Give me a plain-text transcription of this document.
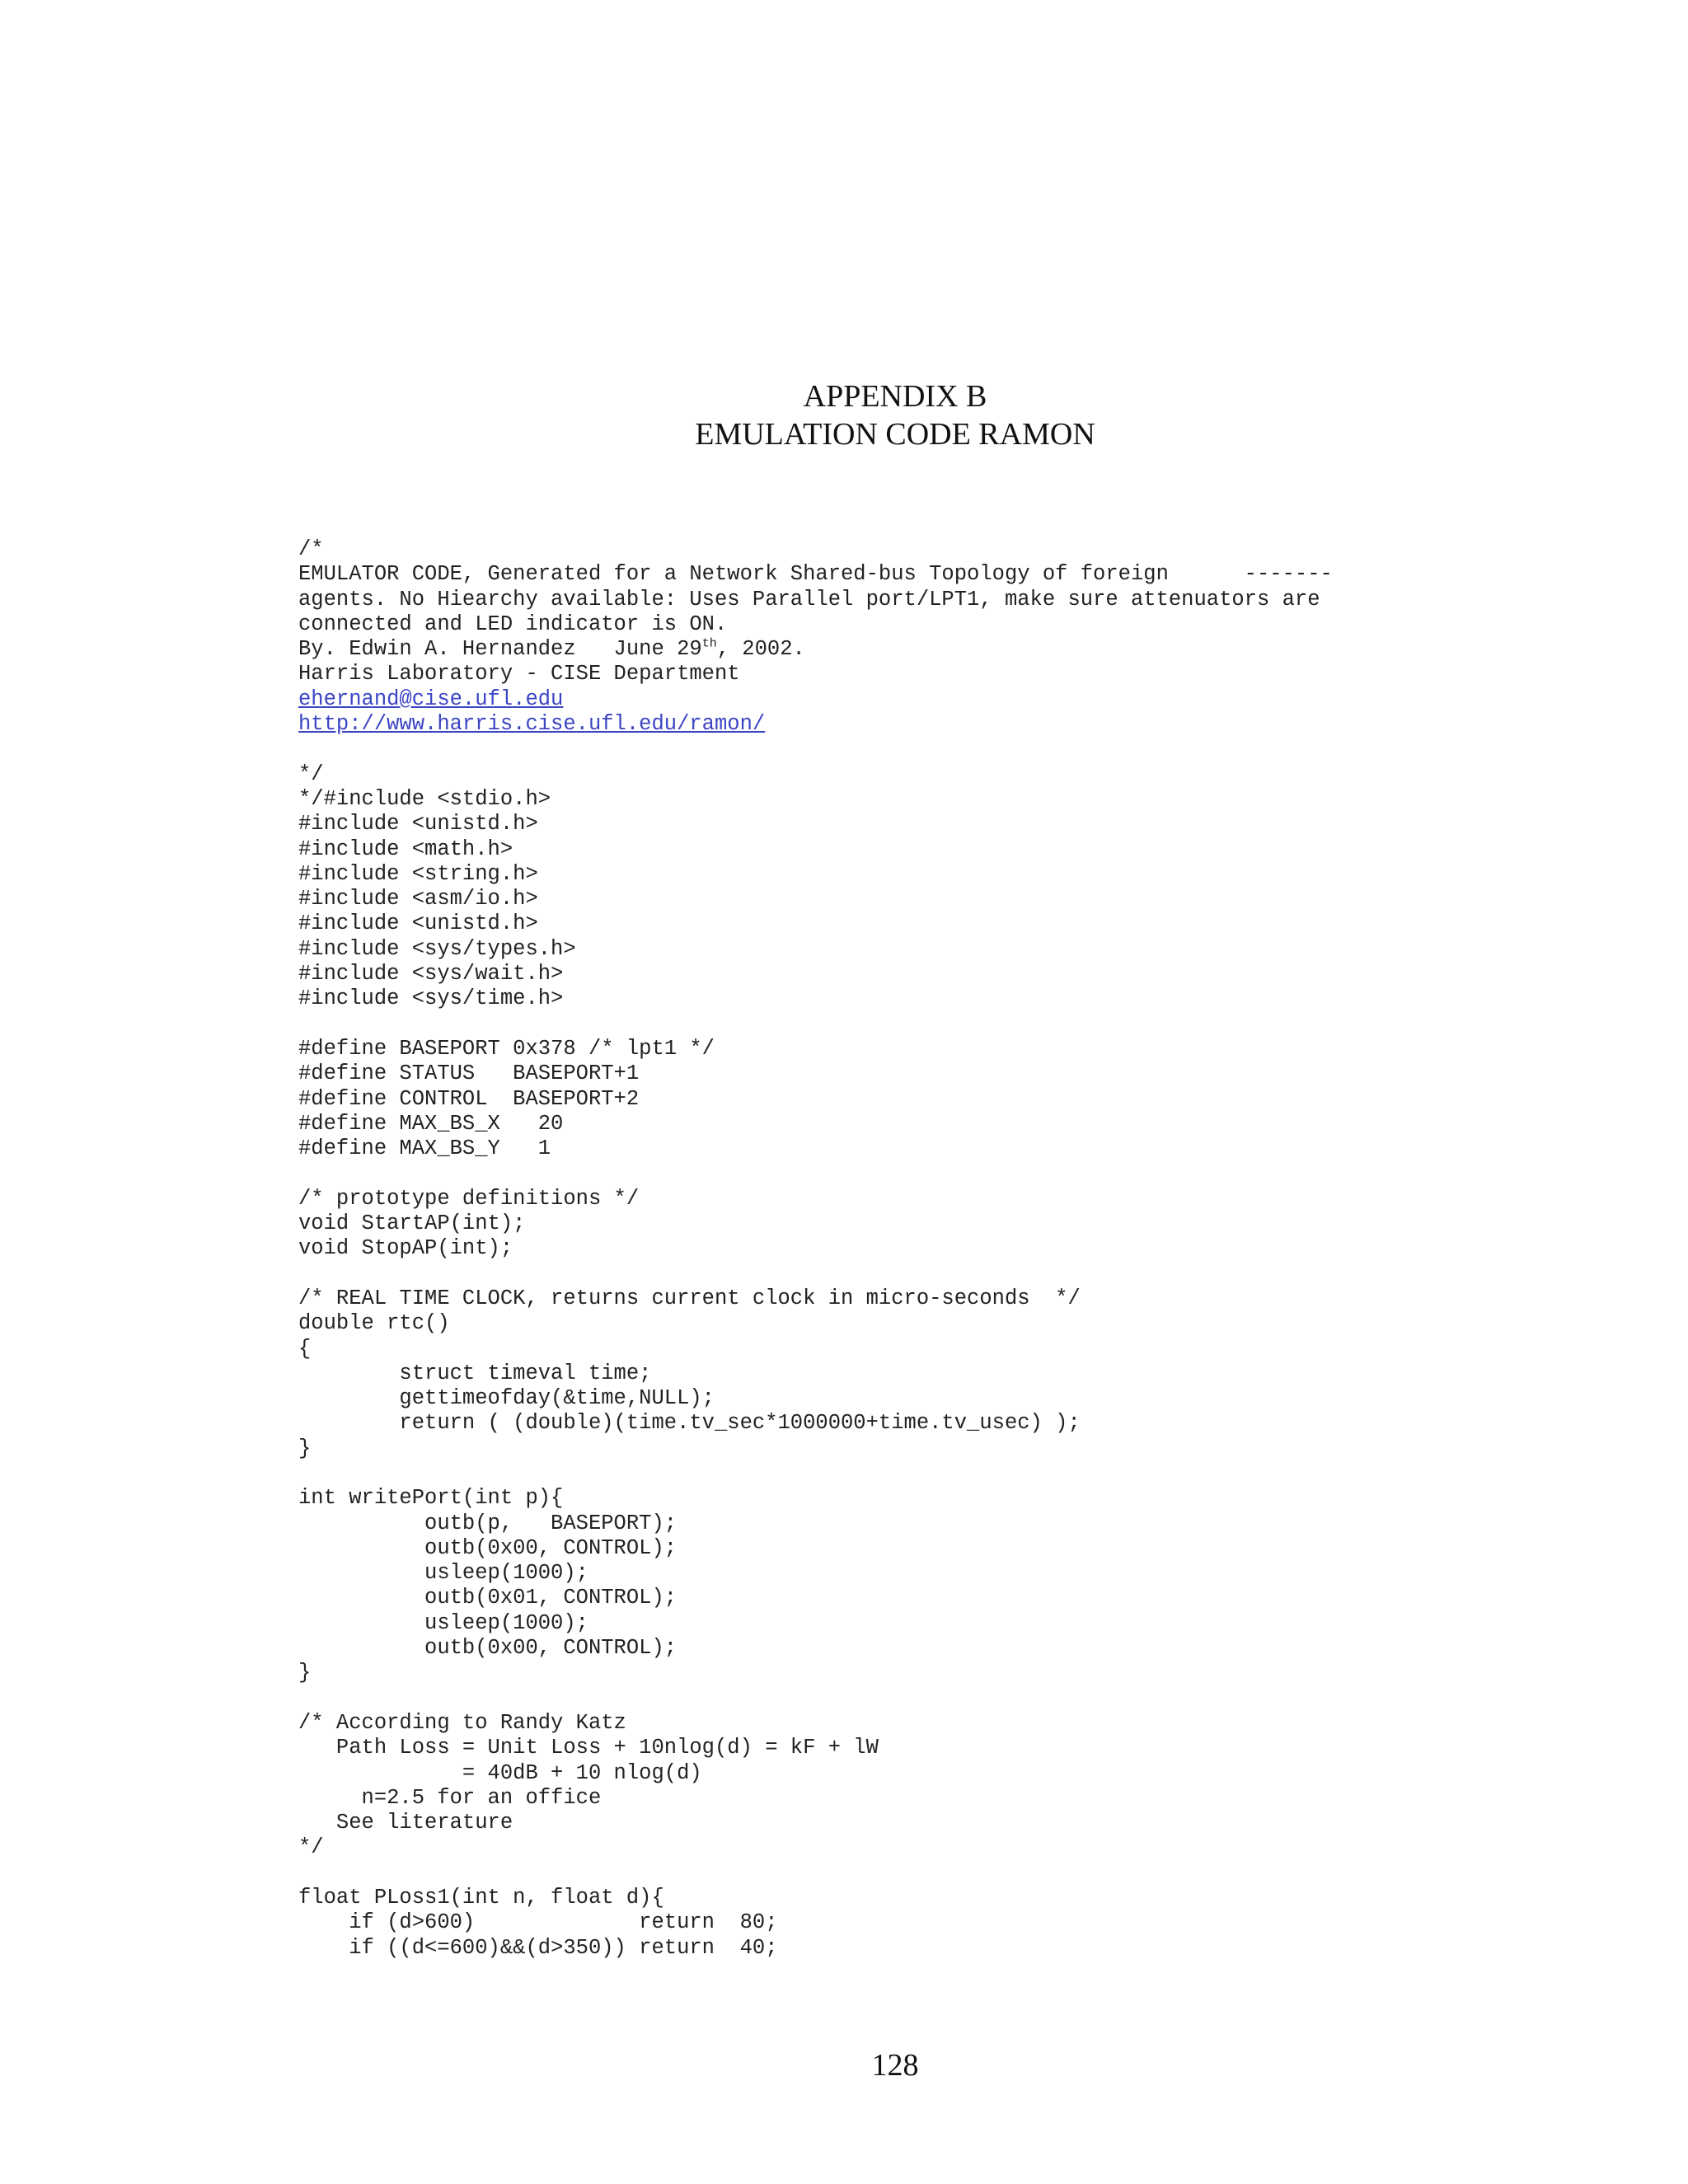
APPENDIX B
EMULATION CODE RAMON
/*
EMULATOR CODE, Generated for a Network Shared-bus Topology of foreign      -------
agents. No Hiearchy available: Uses Parallel port/LPT1, make sure attenuators are
connected and LED indicator is ON.
By. Edwin A. Hernandez   June 29th, 2002.
Harris Laboratory - CISE Department
ehernand@cise.ufl.edu
http://www.harris.cise.ufl.edu/ramon/
*/
*/#include <stdio.h>
#include <unistd.h>
#include <math.h>
#include <string.h>
#include <asm/io.h>
#include <unistd.h>
#include <sys/types.h>
#include <sys/wait.h>
#include <sys/time.h>
#define BASEPORT 0x378 /* lpt1 */
#define STATUS   BASEPORT+1
#define CONTROL  BASEPORT+2
#define MAX_BS_X   20
#define MAX_BS_Y   1
/* prototype definitions */
void StartAP(int);
void StopAP(int);
/* REAL TIME CLOCK, returns current clock in micro-seconds  */
double rtc()
{
struct timeval time;
gettimeofday(&time,NULL);
return ( (double)(time.tv_sec*1000000+time.tv_usec) );
}
int writePort(int p){
outb(p,   BASEPORT);
outb(0x00, CONTROL);
usleep(1000);
outb(0x01, CONTROL);
usleep(1000);
outb(0x00, CONTROL);
}
/* According to Randy Katz
Path Loss = Unit Loss + 10nlog(d) = kF + lW
= 40dB + 10 nlog(d)
n=2.5 for an office
See literature
*/
float PLoss1(int n, float d){
if (d>600)             return  80;
if ((d<=600)&&(d>350)) return  40;
128
